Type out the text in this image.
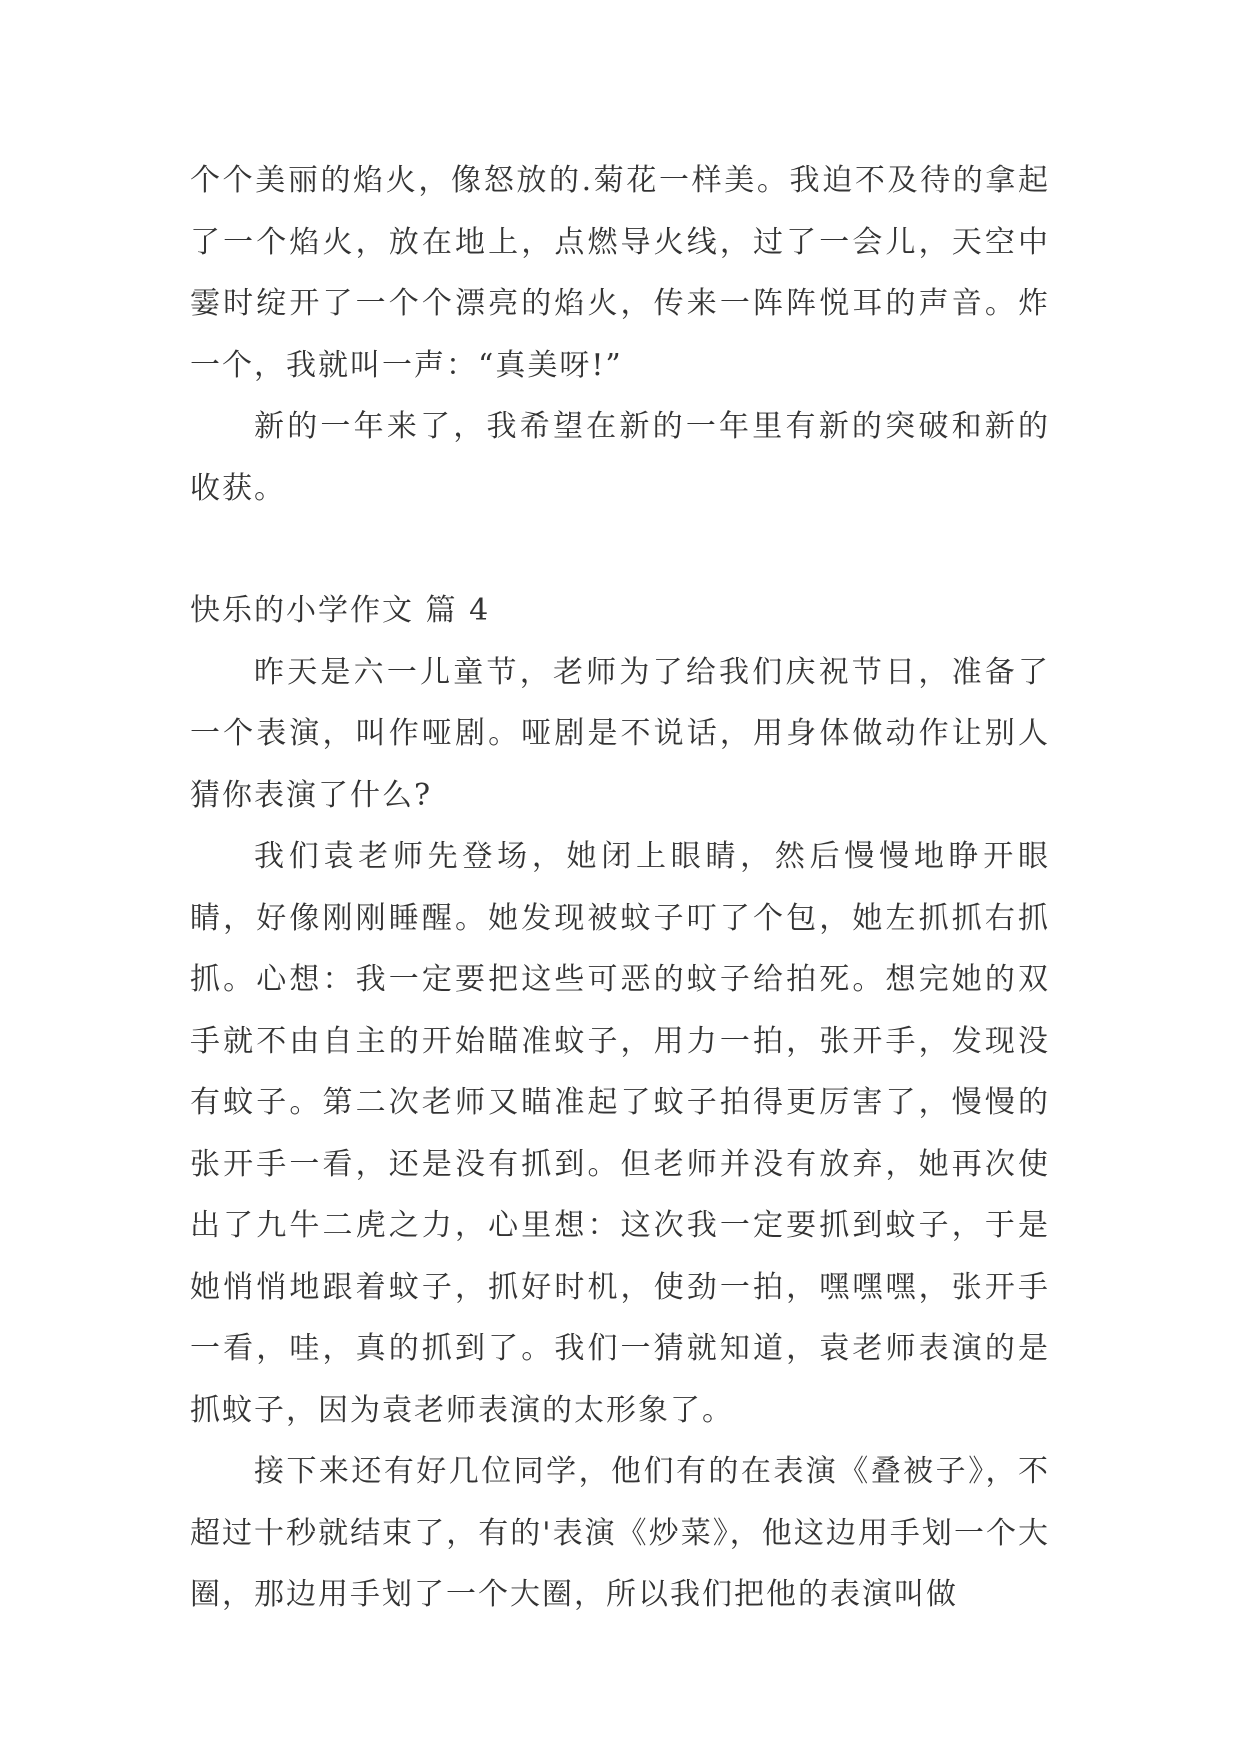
个个美丽的焰火，像怒放的.菊花一样美。我迫不及待的拿起了一个焰火，放在地上，点燃导火线，过了一会儿，天空中霎时绽开了一个个漂亮的焰火，传来一阵阵悦耳的声音。炸一个，我就叫一声：“真美呀!”

新的一年来了，我希望在新的一年里有新的突破和新的收获。

快乐的小学作文 篇 4

昨天是六一儿童节，老师为了给我们庆祝节日，准备了一个表演，叫作哑剧。哑剧是不说话，用身体做动作让别人猜你表演了什么?

我们袁老师先登场，她闭上眼睛，然后慢慢地睁开眼睛，好像刚刚睡醒。她发现被蚊子叮了个包，她左抓抓右抓抓。心想：我一定要把这些可恶的蚊子给拍死。想完她的双手就不由自主的开始瞄准蚊子，用力一拍，张开手，发现没有蚊子。第二次老师又瞄准起了蚊子拍得更厉害了，慢慢的张开手一看，还是没有抓到。但老师并没有放弃，她再次使出了九牛二虎之力，心里想：这次我一定要抓到蚊子，于是她悄悄地跟着蚊子，抓好时机，使劲一拍，嘿嘿嘿，张开手一看，哇，真的抓到了。我们一猜就知道，袁老师表演的是抓蚊子，因为袁老师表演的太形象了。

接下来还有好几位同学，他们有的在表演《叠被子》，不超过十秒就结束了，有的'表演《炒菜》，他这边用手划一个大圈，那边用手划了一个大圈，所以我们把他的表演叫做
